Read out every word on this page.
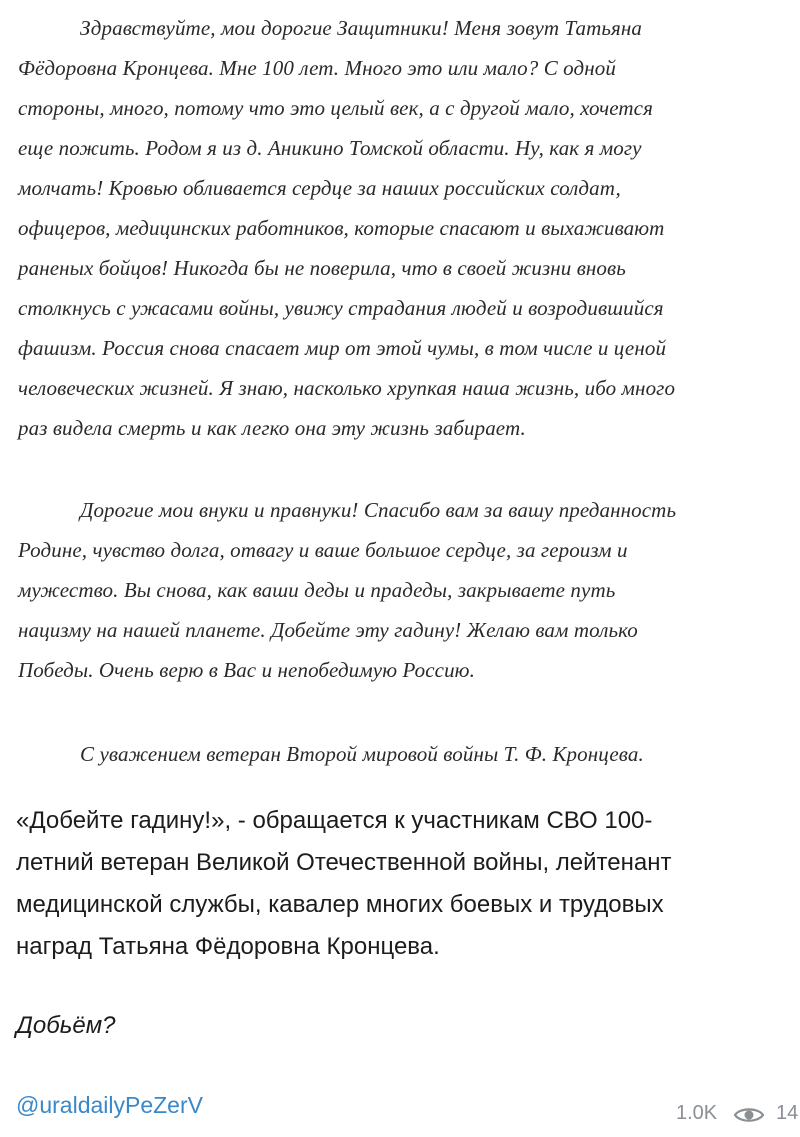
Здравствуйте, мои дорогие Защитники! Меня зовут Татьяна
Фёдоровна Кронцева. Мне 100 лет. Много это или мало? С одной
стороны, много, потому что это целый век, а с другой мало, хочется
еще пожить. Родом я из д. Аникино Томской области. Ну, как я могу
молчать! Кровью обливается сердце за наших российских солдат,
офицеров, медицинских работников, которые спасают и выхаживают
раненых бойцов! Никогда бы не поверила, что в своей жизни вновь
столкнусь с ужасами войны, увижу страдания людей и возродившийся
фашизм. Россия снова спасает мир от этой чумы, в том числе и ценой
человеческих жизней. Я знаю, насколько хрупкая наша жизнь, ибо много
раз видела смерть и как легко она эту жизнь забирает.
Дорогие мои внуки и правнуки! Спасибо вам за вашу преданность
Родине, чувство долга, отвагу и ваше большое сердце, за героизм и
мужество. Вы снова, как ваши деды и прадеды, закрываете путь
нацизму на нашей планете. Добейте эту гадину! Желаю вам только
Победы. Очень верю в Вас и непобедимую Россию.
С уважением ветеран Второй мировой войны Т. Ф. Кронцева.
«Добейте гадину!», - обращается к участникам СВО 100-
летний ветеран Великой Отечественной войны, лейтенант
медицинской службы, кавалер многих боевых и трудовых
наград Татьяна Фёдоровна Кронцева.
Добьём?
@uraldailyPeZerV	1.0K	14
